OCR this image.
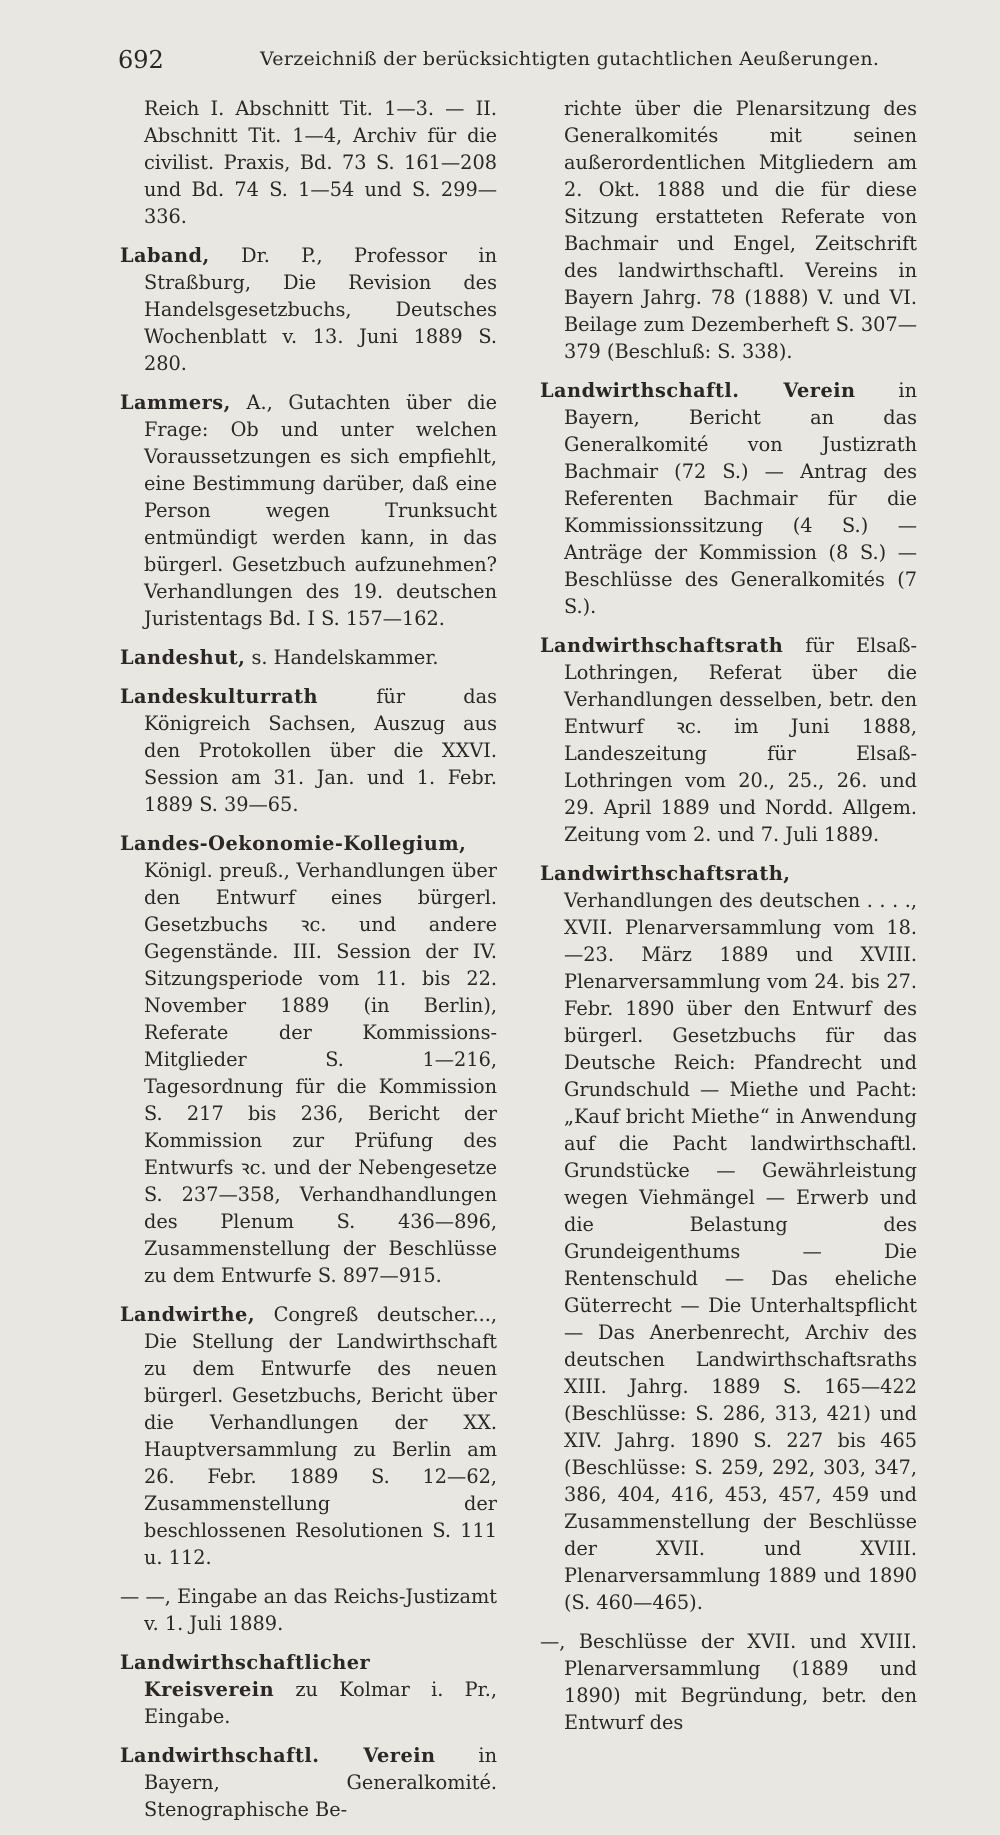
692	Verzeichniß der berücksichtigten gutachtlichen Aeußerungen.

Reich I. Abschnitt Tit. 1—3. — II. Abschnitt Tit. 1—4, Archiv für die civilist. Praxis, Bd. 73 S. 161—208 und Bd. 74 S. 1—54 und S. 299—336.

Laband, Dr. P., Professor in Straßburg, Die Revision des Handelsgesetzbuchs, Deutsches Wochenblatt v. 13. Juni 1889 S. 280.

Lammers, A., Gutachten über die Frage: Ob und unter welchen Voraussetzungen es sich empfiehlt, eine Bestimmung darüber, daß eine Person wegen Trunksucht entmündigt werden kann, in das bürgerl. Gesetzbuch aufzunehmen? Verhandlungen des 19. deutschen Juristentags Bd. I S. 157—162.

Landeshut, s. Handelskammer.

Landeskulturrath für das Königreich Sachsen, Auszug aus den Protokollen über die XXVI. Session am 31. Jan. und 1. Febr. 1889 S. 39—65.

Landes-Oekonomie-Kollegium, Königl. preuß., Verhandlungen über den Entwurf eines bürgerl. Gesetzbuchs ꝛc. und andere Gegenstände. III. Session der IV. Sitzungsperiode vom 11. bis 22. November 1889 (in Berlin), Referate der Kommissions-Mitglieder S. 1—216, Tagesordnung für die Kommission S. 217 bis 236, Bericht der Kommission zur Prüfung des Entwurfs ꝛc. und der Nebengesetze S. 237—358, Verhandhandlungen des Plenum S. 436—896, Zusammenstellung der Beschlüsse zu dem Entwurfe S. 897—915.

Landwirthe, Congreß deutscher..., Die Stellung der Landwirthschaft zu dem Entwurfe des neuen bürgerl. Gesetzbuchs, Bericht über die Verhandlungen der XX. Hauptversammlung zu Berlin am 26. Febr. 1889 S. 12—62, Zusammenstellung der beschlossenen Resolutionen S. 111 u. 112.

— —, Eingabe an das Reichs-Justizamt v. 1. Juli 1889.

Landwirthschaftlicher Kreisverein zu Kolmar i. Pr., Eingabe.

Landwirthschaftl. Verein in Bayern, Generalkomité. Stenographische Be-

richte über die Plenarsitzung des Generalkomités mit seinen außerordentlichen Mitgliedern am 2. Okt. 1888 und die für diese Sitzung erstatteten Referate von Bachmair und Engel, Zeitschrift des landwirthschaftl. Vereins in Bayern Jahrg. 78 (1888) V. und VI. Beilage zum Dezemberheft S. 307—379 (Beschluß: S. 338).

Landwirthschaftl. Verein in Bayern, Bericht an das Generalkomité von Justizrath Bachmair (72 S.) — Antrag des Referenten Bachmair für die Kommissionssitzung (4 S.) — Anträge der Kommission (8 S.) — Beschlüsse des Generalkomités (7 S.).

Landwirthschaftsrath für Elsaß-Lothringen, Referat über die Verhandlungen desselben, betr. den Entwurf ꝛc. im Juni 1888, Landeszeitung für Elsaß-Lothringen vom 20., 25., 26. und 29. April 1889 und Nordd. Allgem. Zeitung vom 2. und 7. Juli 1889.

Landwirthschaftsrath, Verhandlungen des deutschen . . . ., XVII. Plenarversammlung vom 18.—23. März 1889 und XVIII. Plenarversammlung vom 24. bis 27. Febr. 1890 über den Entwurf des bürgerl. Gesetzbuchs für das Deutsche Reich: Pfandrecht und Grundschuld — Miethe und Pacht: „Kauf bricht Miethe“ in Anwendung auf die Pacht landwirthschaftl. Grundstücke — Gewährleistung wegen Viehmängel — Erwerb und die Belastung des Grundeigenthums — Die Rentenschuld — Das eheliche Güterrecht — Die Unterhaltspflicht — Das Anerbenrecht, Archiv des deutschen Landwirthschaftsraths XIII. Jahrg. 1889 S. 165—422 (Beschlüsse: S. 286, 313, 421) und XIV. Jahrg. 1890 S. 227 bis 465 (Beschlüsse: S. 259, 292, 303, 347, 386, 404, 416, 453, 457, 459 und Zusammenstellung der Beschlüsse der XVII. und XVIII. Plenarversammlung 1889 und 1890 (S. 460—465).

—, Beschlüsse der XVII. und XVIII. Plenarversammlung (1889 und 1890) mit Begründung, betr. den Entwurf des
